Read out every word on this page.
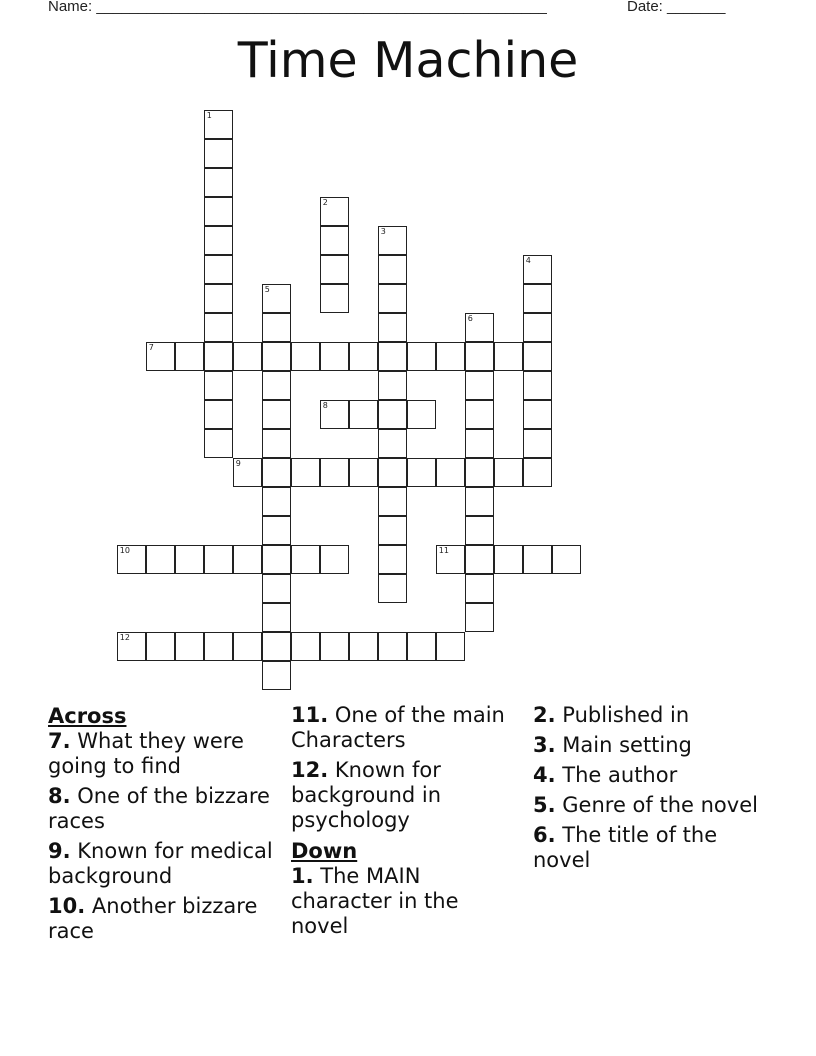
Name: ______________________________________________________	Date: _______
Time Machine
1
2
3
4
5
6
7
8
9
10	11
12
Across

7. What they were going to find

8. One of the bizzare races

9. Known for medical background

10. Another bizzare race

11. One of the main Characters

12. Known for background in psychology

Down

1. The MAIN character in the novel

2. Published in

3. Main setting

4. The author

5. Genre of the novel

6. The title of the novel
